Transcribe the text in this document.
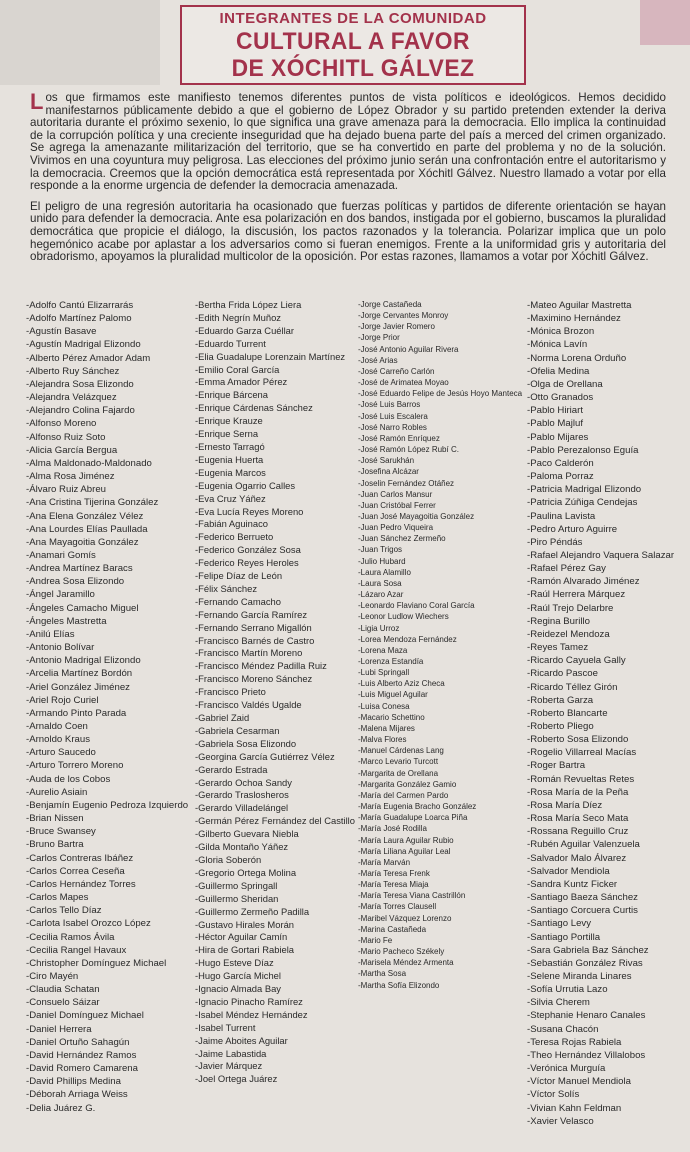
INTEGRANTES DE LA COMUNIDAD
CULTURAL A FAVOR
DE XÓCHITL GÁLVEZ

Los que firmamos este manifiesto tenemos diferentes puntos de vista políticos e ideológicos. Hemos decidido manifestarnos públicamente debido a que el gobierno de López Obrador y su partido pretenden extender la deriva autoritaria durante el próximo sexenio, lo que significa una grave amenaza para la democracia. Ello implica la continuidad de la corrupción política y una creciente inseguridad que ha dejado buena parte del país a merced del crimen organizado. Se agrega la amenazante militarización del territorio, que se ha convertido en parte del problema y no de la solución. Vivimos en una coyuntura muy peligrosa. Las elecciones del próximo junio serán una confrontación entre el autoritarismo y la democracia. Creemos que la opción democrática está representada por Xóchitl Gálvez. Nuestro llamado a votar por ella responde a la enorme urgencia de defender la democracia amenazada.

El peligro de una regresión autoritaria ha ocasionado que fuerzas políticas y partidos de diferente orientación se hayan unido para defender la democracia. Ante esa polarización en dos bandos, instigada por el gobierno, buscamos la pluralidad democrática que propicie el diálogo, la discusión, los pactos razonados y la tolerancia. Polarizar implica que un polo hegemónico acabe por aplastar a los adversarios como si fueran enemigos. Frente a la uniformidad gris y autoritaria del obradorismo, apoyamos la pluralidad multicolor de la oposición. Por estas razones, llamamos a votar por Xóchitl Gálvez.

- Adolfo Cantú Elizarrarás
- Adolfo Martínez Palomo
- Agustín Basave
- Agustín Madrigal Elizondo
- Alberto Pérez Amador Adam
- Alberto Ruy Sánchez
- Alejandra Sosa Elizondo
- Alejandra Velázquez
- Alejandro Colina Fajardo
- Alfonso Moreno
- Alfonso Ruiz Soto
- Alicia García Bergua
- Alma Maldonado-Maldonado
- Alma Rosa Jiménez
- Álvaro Ruiz Abreu
- Ana Cristina Tijerina González
- Ana Elena González Vélez
- Ana Lourdes Elías Paullada
- Ana Mayagoitia González
- Anamari Gomís
- Andrea Martínez Baracs
- Andrea Sosa Elizondo
- Ángel Jaramillo
- Ángeles Camacho Miguel
- Ángeles Mastretta
- Anilú Elías
- Antonio Bolívar
- Antonio Madrigal Elizondo
- Arcelia Martínez Bordón
- Ariel González Jiménez
- Ariel Rojo Curiel
- Armando Pinto Parada
- Arnaldo Coen
- Arnoldo Kraus
- Arturo Saucedo
- Arturo Torrero Moreno
- Auda de los Cobos
- Aurelio Asiain
- Benjamín Eugenio Pedroza Izquierdo
- Brian Nissen
- Bruce Swansey
- Bruno Bartra
- Carlos Contreras Ibáñez
- Carlos Correa Ceseña
- Carlos Hernández Torres
- Carlos Mapes
- Carlos Tello Díaz
- Carlota Isabel Orozco López
- Cecilia Ramos Ávila
- Cecilia Rangel Havaux
- Christopher Domínguez Michael
- Ciro Mayén
- Claudia Schatan
- Consuelo Sáizar
- Daniel Domínguez Michael
- Daniel Herrera
- Daniel Ortuño Sahagún
- David Hernández Ramos
- David Romero Camarena
- David Phillips Medina
- Déborah Arriaga Weiss
- Delia Juárez G.
- Bertha Frida López Liera
- Edith Negrín Muñoz
- Eduardo Garza Cuéllar
- Eduardo Turrent
- Elia Guadalupe Lorenzain Martínez
- Emilio Coral García
- Emma Amador Pérez
- Enrique Bárcena
- Enrique Cárdenas Sánchez
- Enrique Krauze
- Enrique Serna
- Ernesto Tarragó
- Eugenia Huerta
- Eugenia Marcos
- Eugenia Ogarrio Calles
- Eva Cruz Yáñez
- Eva Lucía Reyes Moreno
- Fabián Aguinaco
- Federico Berrueto
- Federico González Sosa
- Federico Reyes Heroles
- Felipe Díaz de León
- Félix Sánchez
- Fernando Camacho
- Fernando García Ramírez
- Fernando Serrano Migallón
- Francisco Barnés de Castro
- Francisco Martín Moreno
- Francisco Méndez Padilla Ruiz
- Francisco Moreno Sánchez
- Francisco Prieto
- Francisco Valdés Ugalde
- Gabriel Zaid
- Gabriela Cesarman
- Gabriela Sosa Elizondo
- Georgina García Gutiérrez Vélez
- Gerardo Estrada
- Gerardo Ochoa Sandy
- Gerardo Traslosheros
- Gerardo Villadelángel
- Germán Pérez Fernández del Castillo
- Gilberto Guevara Niebla
- Gilda Montaño Yáñez
- Gloria Soberón
- Gregorio Ortega Molina
- Guillermo Springall
- Guillermo Sheridan
- Guillermo Zermeño Padilla
- Gustavo Hirales Morán
- Héctor Aguilar Camín
- Hira de Gortari Rabiela
- Hugo Esteve Díaz
- Hugo García Michel
- Ignacio Almada Bay
- Ignacio Pinacho Ramírez
- Isabel Méndez Hernández
- Isabel Turrent
- Jaime Aboites Aguilar
- Jaime Labastida
- Javier Márquez
- Joel Ortega Juárez
- Jorge Castañeda
- Jorge Cervantes Monroy
- Jorge Javier Romero
- Jorge Prior
- José Antonio Aguilar Rivera
- José Arias
- José Carreño Carlón
- José de Arimatea Moyao
- José Eduardo Felipe de Jesús Hoyo Manteca
- José Luis Barros
- José Luis Escalera
- José Narro Robles
- José Ramón Enríquez
- José Ramón López Rubí C.
- José Sarukhán
- Josefina Alcázar
- Joselin Fernández Otáñez
- Juan Carlos Mansur
- Juan Cristóbal Ferrer
- Juan José Mayagoitia González
- Juan Pedro Viqueira
- Juan Sánchez Zermeño
- Juan Trigos
- Julio Hubard
- Laura Alamillo
- Laura Sosa
- Lázaro Azar
- Leonardo Flaviano Coral García
- Leonor Ludlow Wiechers
- Ligia Urroz
- Lorea Mendoza Fernández
- Lorena Maza
- Lorenza Estandía
- Lubi Springall
- Luis Alberto Aziz Checa
- Luis Miguel Aguilar
- Luisa Conesa
- Macario Schettino
- Malena Mijares
- Malva Flores
- Manuel Cárdenas Lang
- Marco Levario Turcott
- Margarita de Orellana
- Margarita González Gamio
- María del Carmen Pardo
- María Eugenia Bracho González
- María Guadalupe Loarca Piña
- María José Rodilla
- María Laura Aguilar Rubio
- María Liliana Aguilar Leal
- María Marván
- María Teresa Frenk
- María Teresa Miaja
- María Teresa Viana Castrillón
- María Torres Clausell
- Maribel Vázquez Lorenzo
- Marina Castañeda
- Mario Fe
- Mario Pacheco Székely
- Marisela Méndez Armenta
- Martha Sosa
- Martha Sofía Elizondo
- Mateo Aguilar Mastretta
- Maximino Hernández
- Mónica Brozon
- Mónica Lavín
- Norma Lorena Orduño
- Ofelia Medina
- Olga de Orellana
- Otto Granados
- Pablo Hiriart
- Pablo Majluf
- Pablo Mijares
- Pablo Perezalonso Eguía
- Paco Calderón
- Paloma Porraz
- Patricia Madrigal Elizondo
- Patricia Zúñiga Cendejas
- Paulina Lavista
- Pedro Arturo Aguirre
- Piro Péndás
- Rafael Alejandro Vaquera Salazar
- Rafael Pérez Gay
- Ramón Alvarado Jiménez
- Raúl Herrera Márquez
- Raúl Trejo Delarbre
- Regina Burillo
- Reidezel Mendoza
- Reyes Tamez
- Ricardo Cayuela Gally
- Ricardo Pascoe
- Ricardo Téllez Girón
- Roberta Garza
- Roberto Blancarte
- Roberto Pliego
- Roberto Sosa Elizondo
- Rogelio Villarreal Macías
- Roger Bartra
- Román Revueltas Retes
- Rosa María de la Peña
- Rosa María Díez
- Rosa María Seco Mata
- Rossana Reguillo Cruz
- Rubén Aguilar Valenzuela
- Salvador Malo Álvarez
- Salvador Mendiola
- Sandra Kuntz Ficker
- Santiago Baeza Sánchez
- Santiago Corcuera Curtis
- Santiago Levy
- Santiago Portilla
- Sara Gabriela Baz Sánchez
- Sebastián González Rivas
- Selene Miranda Linares
- Sofía Urrutia Lazo
- Silvia Cherem
- Stephanie Henaro Canales
- Susana Chacón
- Teresa Rojas Rabiela
- Theo Hernández Villalobos
- Verónica Murguía
- Víctor Manuel Mendiola
- Víctor Solís
- Vivian Kahn Feldman
- Xavier Velasco
